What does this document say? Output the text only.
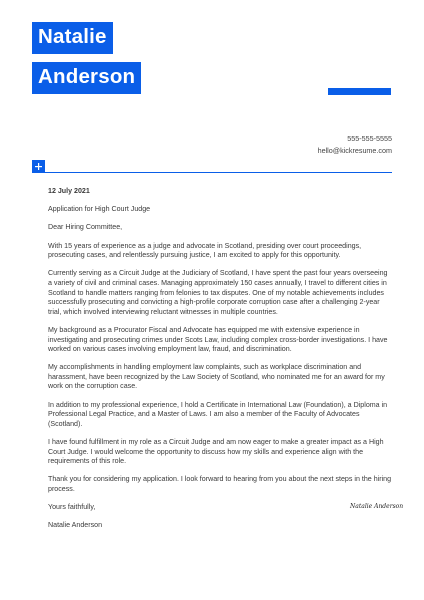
Natalie
Anderson
555-555-5555
hello@kickresume.com

12 July 2021

Application for High Court Judge

Dear Hiring Committee,

With 15 years of experience as a judge and advocate in Scotland, presiding over court proceedings, prosecuting cases, and relentlessly pursuing justice, I am excited to apply for this opportunity.

Currently serving as a Circuit Judge at the Judiciary of Scotland, I have spent the past four years overseeing a variety of civil and criminal cases. Managing approximately 150 cases annually, I travel to different cities in Scotland to handle matters ranging from felonies to tax disputes. One of my notable achievements includes successfully prosecuting and convicting a high-profile corporate corruption case after a challenging 2-year trial, which involved interviewing reluctant witnesses in multiple countries.

My background as a Procurator Fiscal and Advocate has equipped me with extensive experience in investigating and prosecuting crimes under Scots Law, including complex cross-border investigations. I have worked on various cases involving employment law, fraud, and discrimination.

My accomplishments in handling employment law complaints, such as workplace discrimination and harassment, have been recognized by the Law Society of Scotland, who nominated me for an award for my work on the corruption case.

In addition to my professional experience, I hold a Certificate in International Law (Foundation), a Diploma in Professional Legal Practice, and a Master of Laws. I am also a member of the Faculty of Advocates (Scotland).

I have found fulfillment in my role as a Circuit Judge and am now eager to make a greater impact as a High Court Judge. I would welcome the opportunity to discuss how my skills and experience align with the requirements of this role.

Thank you for considering my application. I look forward to hearing from you about the next steps in the hiring process.

Yours faithfully,

Natalie Anderson

Natalie Anderson
